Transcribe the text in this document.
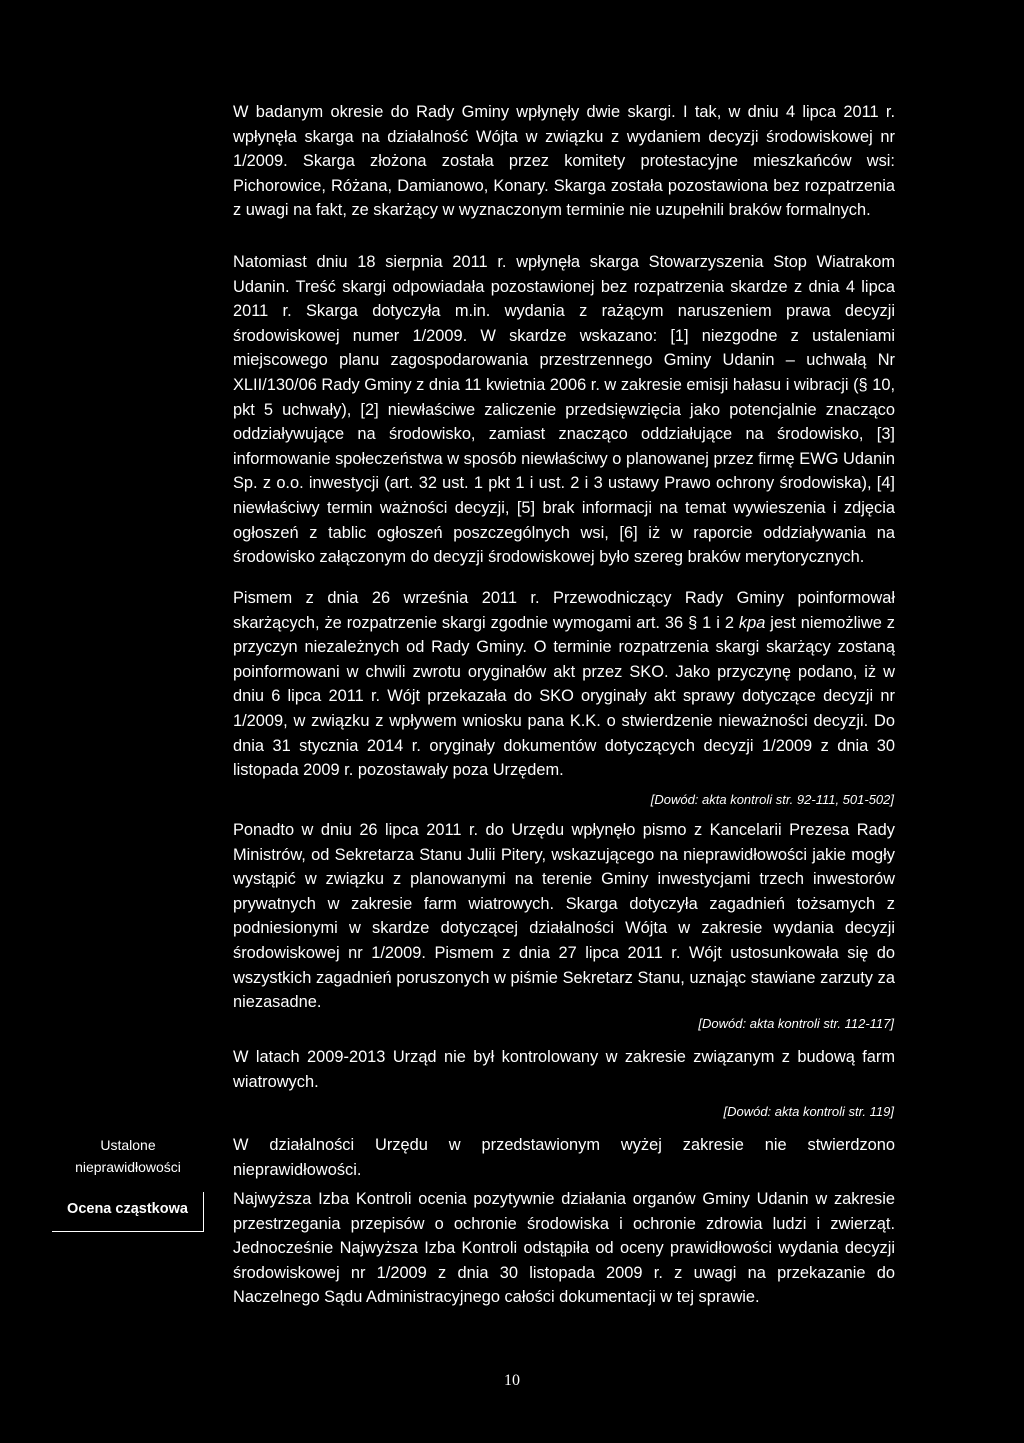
W badanym okresie do Rady Gminy wpłynęły dwie skargi. I tak, w dniu 4 lipca 2011 r. wpłynęła skarga na działalność Wójta w związku z wydaniem decyzji środowiskowej nr 1/2009. Skarga złożona została przez komitety protestacyjne mieszkańców wsi: Pichorowice, Różana, Damianowo, Konary. Skarga została pozostawiona bez rozpatrzenia z uwagi na fakt, ze skarżący w wyznaczonym terminie nie uzupełnili braków formalnych.

Natomiast dniu 18 sierpnia 2011 r. wpłynęła skarga Stowarzyszenia Stop Wiatrakom Udanin. Treść skargi odpowiadała pozostawionej bez rozpatrzenia skardze z dnia 4 lipca 2011 r. Skarga dotyczyła m.in. wydania z rażącym naruszeniem prawa decyzji środowiskowej numer 1/2009. W skardze wskazano: [1] niezgodne z ustaleniami miejscowego planu zagospodarowania przestrzennego Gminy Udanin – uchwałą Nr XLII/130/06 Rady Gminy z dnia 11 kwietnia 2006 r. w zakresie emisji hałasu i wibracji (§ 10, pkt 5 uchwały), [2] niewłaściwe zaliczenie przedsięwzięcia jako potencjalnie znacząco oddziaływujące na środowisko, zamiast znacząco oddziałujące na środowisko, [3] informowanie społeczeństwa w sposób niewłaściwy o planowanej przez firmę EWG Udanin Sp. z o.o. inwestycji (art. 32 ust. 1 pkt 1 i ust. 2 i 3 ustawy Prawo ochrony środowiska), [4] niewłaściwy termin ważności decyzji, [5] brak informacji na temat wywieszenia i zdjęcia ogłoszeń z tablic ogłoszeń poszczególnych wsi, [6] iż w raporcie oddziaływania na środowisko załączonym do decyzji środowiskowej było szereg braków merytorycznych.

Pismem z dnia 26 września 2011 r. Przewodniczący Rady Gminy poinformował skarżących, że rozpatrzenie skargi zgodnie wymogami art. 36 § 1 i 2 kpa jest niemożliwe z przyczyn niezależnych od Rady Gminy. O terminie rozpatrzenia skargi skarżący zostaną poinformowani w chwili zwrotu oryginałów akt przez SKO. Jako przyczynę podano, iż w dniu 6 lipca 2011 r. Wójt przekazała do SKO oryginały akt sprawy dotyczące decyzji nr 1/2009, w związku z wpływem wniosku pana K.K. o stwierdzenie nieważności decyzji. Do dnia 31 stycznia 2014 r. oryginały dokumentów dotyczących decyzji 1/2009 z dnia 30 listopada 2009 r. pozostawały poza Urzędem.

[Dowód: akta kontroli str. 92-111, 501-502]

Ponadto w dniu 26 lipca 2011 r. do Urzędu wpłynęło pismo z Kancelarii Prezesa Rady Ministrów, od Sekretarza Stanu Julii Pitery, wskazującego na nieprawidłowości jakie mogły wystąpić w związku z planowanymi na terenie Gminy inwestycjami trzech inwestorów prywatnych w zakresie farm wiatrowych. Skarga dotyczyła zagadnień tożsamych z podniesionymi w skardze dotyczącej działalności Wójta w zakresie wydania decyzji środowiskowej nr 1/2009. Pismem z dnia 27 lipca 2011 r. Wójt ustosunkowała się do wszystkich zagadnień poruszonych w piśmie Sekretarz Stanu, uznając stawiane zarzuty za niezasadne.

[Dowód: akta kontroli str. 112-117]

W latach 2009-2013 Urząd nie był kontrolowany w zakresie związanym z budową farm wiatrowych.

[Dowód: akta kontroli str. 119]

Ustalone
nieprawidłowości

W działalności Urzędu w przedstawionym wyżej zakresie nie stwierdzono nieprawidłowości.

Ocena cząstkowa

Najwyższa Izba Kontroli ocenia pozytywnie działania organów Gminy Udanin w zakresie przestrzegania przepisów o ochronie środowiska i ochronie zdrowia ludzi i zwierząt. Jednocześnie Najwyższa Izba Kontroli odstąpiła od oceny prawidłowości wydania decyzji środowiskowej nr 1/2009 z dnia 30 listopada 2009 r. z uwagi na przekazanie do Naczelnego Sądu Administracyjnego całości dokumentacji w tej sprawie.

10
